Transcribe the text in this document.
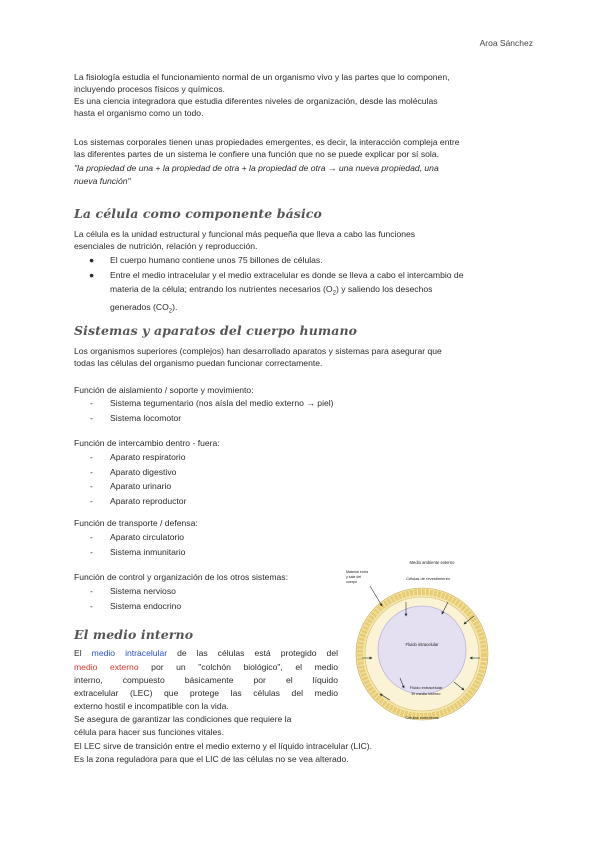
Aroa Sánchez

La fisiología estudia el funcionamiento normal de un organismo vivo y las partes que lo componen,

incluyendo procesos físicos y químicos.

Es una ciencia integradora que estudia diferentes niveles de organización, desde las moléculas

hasta el organismo como un todo.

Los sistemas corporales tienen unas propiedades emergentes, es decir, la interacción compleja entre

las diferentes partes de un sistema le confiere una función que no se puede explicar por sí sola.

"la propiedad de una + la propiedad de otra + la propiedad de otra → una nueva propiedad, una

nueva función"

La célula como componente básico

La célula es la unidad estructural y funcional más pequeña que lleva a cabo las funciones

esenciales de nutrición, relación y reproducción.

● El cuerpo humano contiene unos 75 billones de células.
● Entre el medio intracelular y el medio extracelular es donde se lleva a cabo el intercambio de
materia de la célula; entrando los nutrientes necesarios $(O_2)$ y saliendo los desechos
generados $(CO_2)$.
Sistemas y aparatos del cuerpo humano

Los organismos superiores (complejos) han desarrollado aparatos y sistemas para asegurar que

todas las células del organismo puedan funcionar correctamente.

Función de aislamiento / soporte y movimiento:

- Sistema tegumentario (nos aísla del medio externo → piel)
- Sistema locomotor

Función de intercambio dentro - fuera:

- Aparato respiratorio
- Aparato digestivo
- Aparato urinario
- Aparato reproductor

Función de transporte / defensa:

- Aparato circulatorio
- Sistema inmunitario

Función de control y organización de los otros sistemas:

- Sistema nervioso
- Sistema endocrino
El medio interno

El medio intracelular de las células está protegido del

medio externo por un "colchón biológico", el medio

interno, compuesto básicamente por el líquido

extracelular (LEC) que protege las células del medio

externo hostil e incompatible con la vida.

Se asegura de garantizar las condiciones que requiere la

célula para hacer sus funciones vitales.

El LEC sirve de transición entre el medio externo y el líquido intracelular (LIC).

Es la zona reguladora para que el LIC de las células no se vea alterado.

Medio ambiente externo
Material entra
y sale del
cuerpo
Células de revestimiento
Fluido intracelular
Fluido extracelular
El medio interno
Células conectivas
